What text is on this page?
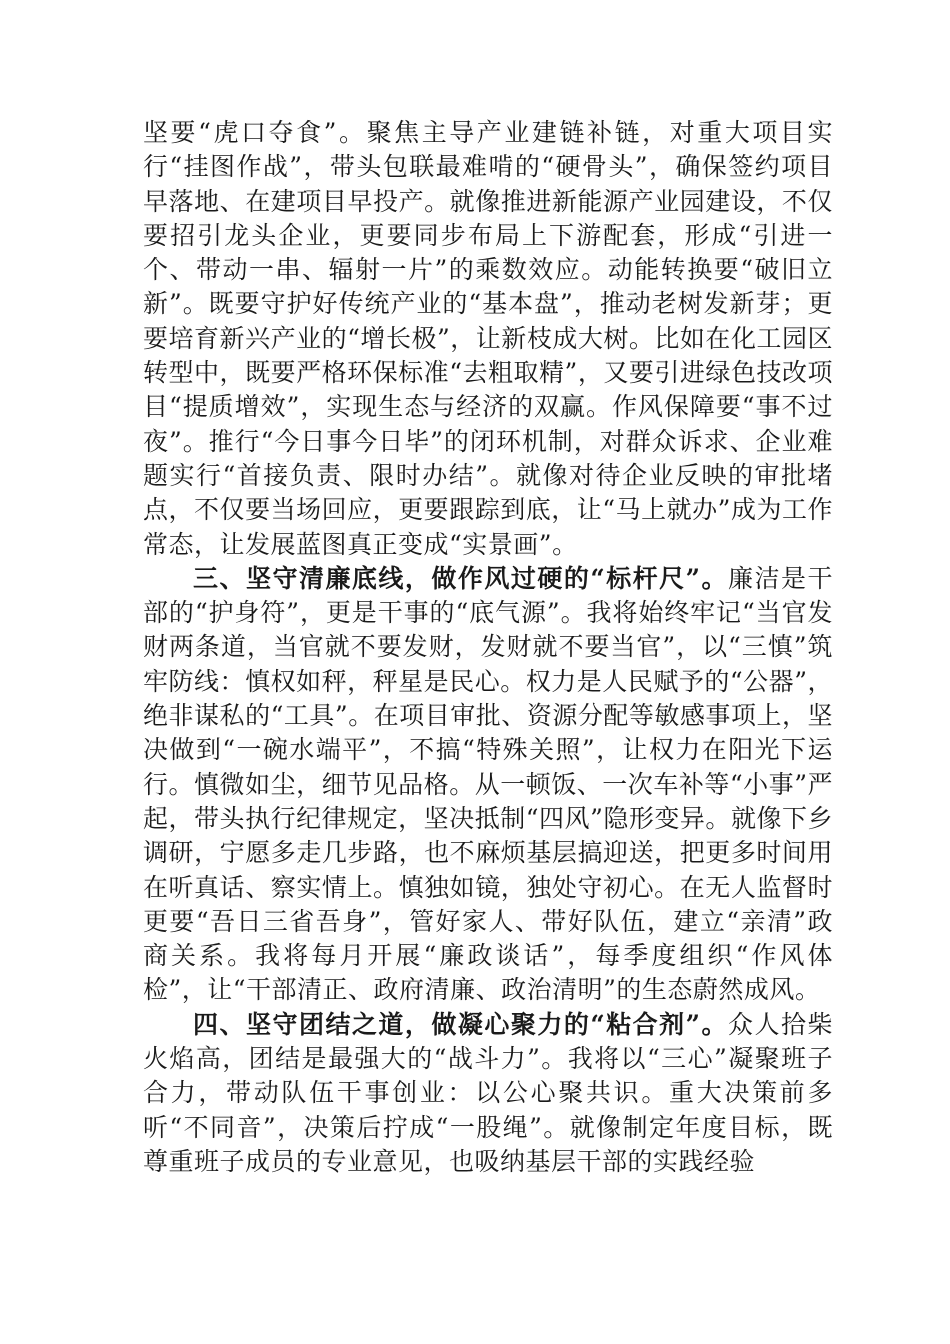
坚要“虎口夺食”。聚焦主导产业建链补链，对重大项目实行“挂图作战”，带头包联最难啃的“硬骨头”，确保签约项目早落地、在建项目早投产。就像推进新能源产业园建设，不仅要招引龙头企业，更要同步布局上下游配套，形成“引进一个、带动一串、辐射一片”的乘数效应。动能转换要“破旧立新”。既要守护好传统产业的“基本盘”，推动老树发新芽；更要培育新兴产业的“增长极”，让新枝成大树。比如在化工园区转型中，既要严格环保标准“去粗取精”，又要引进绿色技改项目“提质增效”，实现生态与经济的双赢。作风保障要“事不过夜”。推行“今日事今日毕”的闭环机制，对群众诉求、企业难题实行“首接负责、限时办结”。就像对待企业反映的审批堵点，不仅要当场回应，更要跟踪到底，让“马上就办”成为工作常态，让发展蓝图真正变成“实景画”。

三、坚守清廉底线，做作风过硬的“标杆尺”。廉洁是干部的“护身符”，更是干事的“底气源”。我将始终牢记“当官发财两条道，当官就不要发财，发财就不要当官”，以“三慎”筑牢防线：慎权如秤，秤星是民心。权力是人民赋予的“公器”，绝非谋私的“工具”。在项目审批、资源分配等敏感事项上，坚决做到“一碗水端平”，不搞“特殊关照”，让权力在阳光下运行。慎微如尘，细节见品格。从一顿饭、一次车补等“小事”严起，带头执行纪律规定，坚决抵制“四风”隐形变异。就像下乡调研，宁愿多走几步路，也不麻烦基层搞迎送，把更多时间用在听真话、察实情上。慎独如镜，独处守初心。在无人监督时更要“吾日三省吾身”，管好家人、带好队伍，建立“亲清”政商关系。我将每月开展“廉政谈话”，每季度组织“作风体检”，让“干部清正、政府清廉、政治清明”的生态蔚然成风。

四、坚守团结之道，做凝心聚力的“粘合剂”。众人拾柴火焰高，团结是最强大的“战斗力”。我将以“三心”凝聚班子合力，带动队伍干事创业：以公心聚共识。重大决策前多听“不同音”，决策后拧成“一股绳”。就像制定年度目标，既尊重班子成员的专业意见，也吸纳基层干部的实践经验
